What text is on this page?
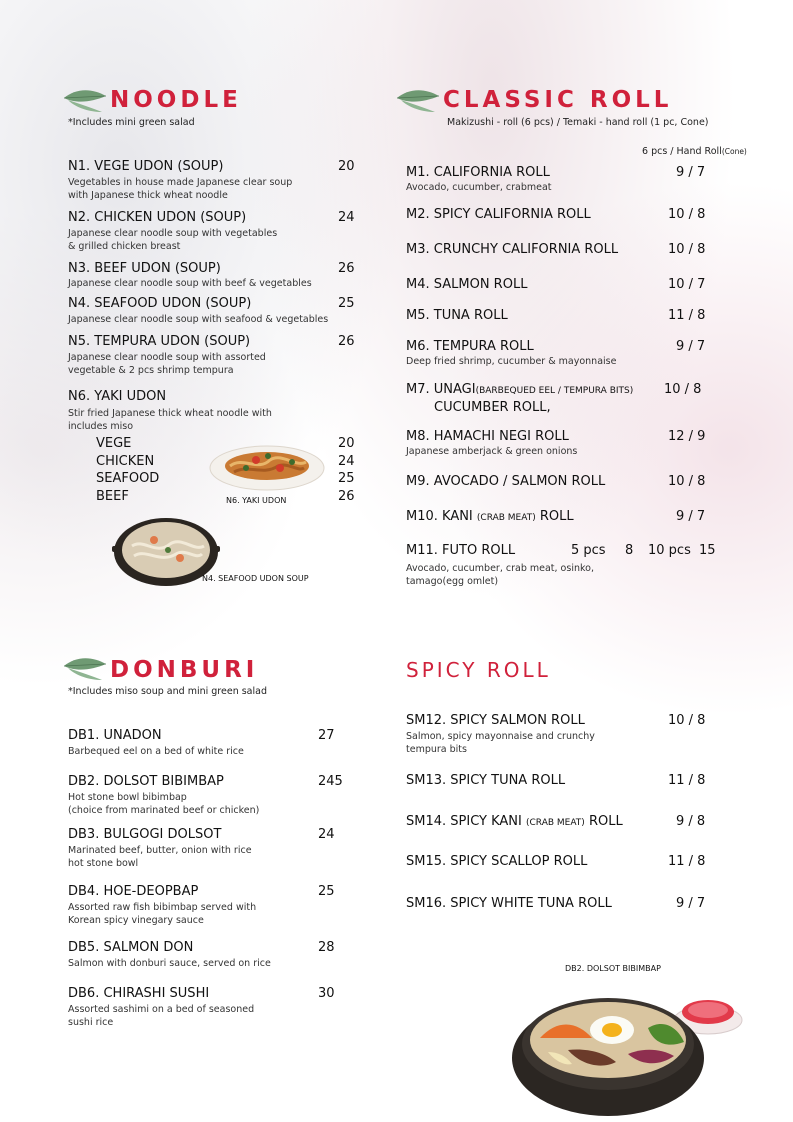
NOODLE
*Includes mini green salad
N1. VEGE UDON (SOUP)	20
Vegetables in house made Japanese clear soup
with Japanese thick wheat noodle
N2. CHICKEN UDON (SOUP)	24
Japanese clear noodle soup with vegetables
& grilled chicken breast
N3. BEEF UDON (SOUP)	26
Japanese clear noodle soup with beef & vegetables
N4. SEAFOOD UDON (SOUP)	25
Japanese clear noodle soup with seafood & vegetables
N5. TEMPURA UDON (SOUP)	26
Japanese clear noodle soup with assorted
vegetable & 2 pcs shrimp tempura
N6. YAKI UDON
Stir fried Japanese thick wheat noodle with
includes miso
VEGE	20
CHICKEN	24
SEAFOOD	25
BEEF	26
N6. YAKI UDON
N4. SEAFOOD UDON SOUP
CLASSIC ROLL
Makizushi - roll (6 pcs) / Temaki - hand roll (1 pc, Cone)
6 pcs / Hand Roll(Cone)
M1. CALIFORNIA ROLL	9 / 7
Avocado, cucumber, crabmeat
M2. SPICY CALIFORNIA ROLL	10 / 8
M3. CRUNCHY CALIFORNIA ROLL	10 / 8
M4. SALMON ROLL	10 / 7
M5. TUNA ROLL	11 / 8
M6. TEMPURA ROLL	9 / 7
Deep fried shrimp, cucumber & mayonnaise
M7. UNAGI(BARBEQUED EEL / TEMPURA BITS) 10 / 8
CUCUMBER ROLL,
M8. HAMACHI NEGI ROLL	12 / 9
Japanese amberjack & green onions
M9. AVOCADO / SALMON ROLL	10 / 8
M10. KANI (CRAB MEAT) ROLL	9 / 7
M11. FUTO ROLL	5 pcs 8 10 pcs 15
Avocado, cucumber, crab meat, osinko,
tamago(egg omlet)
DONBURI
*Includes miso soup and mini green salad
DB1. UNADON	27
Barbequed eel on a bed of white rice
DB2. DOLSOT BIBIMBAP	245
Hot stone bowl bibimbap
(choice from marinated beef or chicken)
DB3. BULGOGI DOLSOT	24
Marinated beef, butter, onion with rice
hot stone bowl
DB4. HOE-DEOPBAP	25
Assorted raw fish bibimbap served with
Korean spicy vinegary sauce
DB5. SALMON DON	28
Salmon with donburi sauce, served on rice
DB6. CHIRASHI SUSHI	30
Assorted sashimi on a bed of seasoned
sushi rice
SPICY ROLL
SM12. SPICY SALMON ROLL	10 / 8
Salmon, spicy mayonnaise and crunchy
tempura bits
SM13. SPICY TUNA ROLL	11 / 8
SM14. SPICY KANI (CRAB MEAT) ROLL	9 / 8
SM15. SPICY SCALLOP ROLL	11 / 8
SM16. SPICY WHITE TUNA ROLL	9 / 7
DB2. DOLSOT BIBIMBAP
